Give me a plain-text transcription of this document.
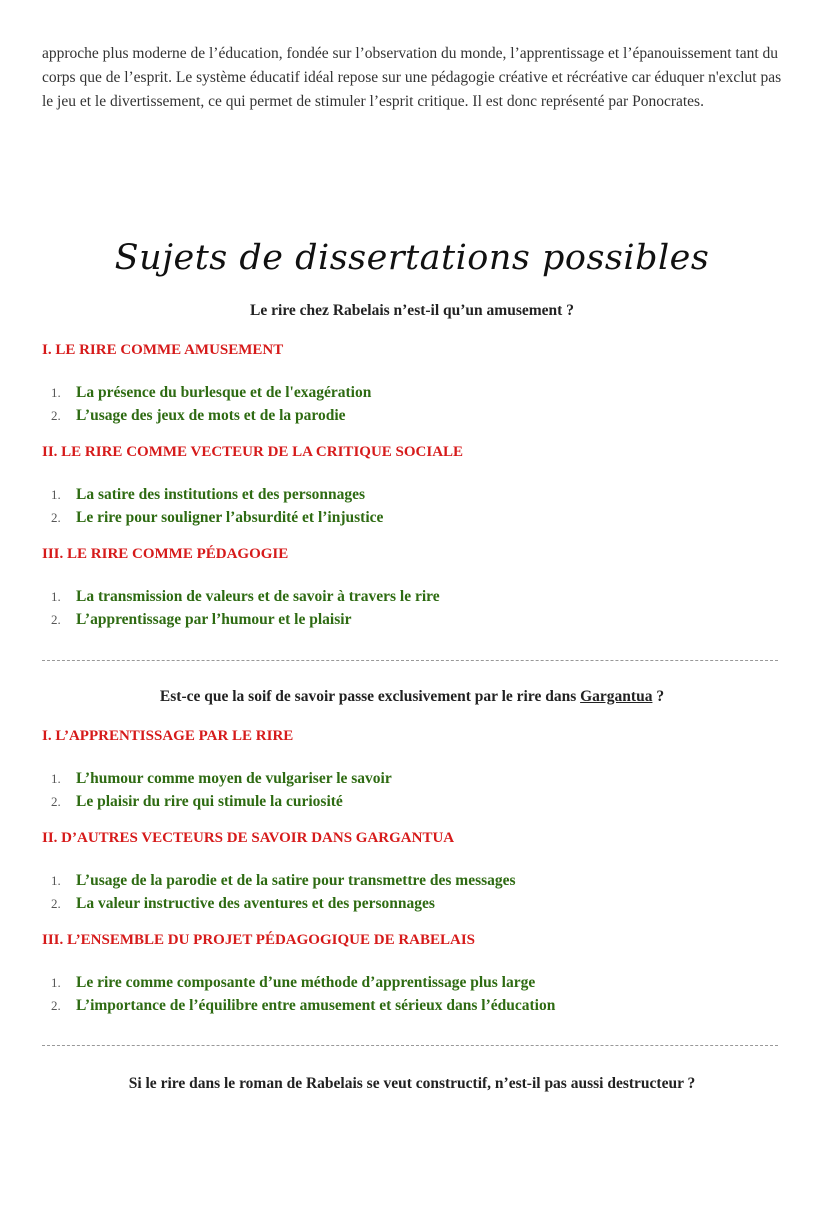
approche plus moderne de l’éducation, fondée sur l’observation du monde, l’apprentissage et l’épanouissement tant du corps que de l’esprit. Le système éducatif idéal repose sur une pédagogie créative et récréative car éduquer n'exclut pas le jeu et le divertissement, ce qui permet de stimuler l’esprit critique. Il est donc représenté par Ponocrates.

Sujets de dissertations possibles

Le rire chez Rabelais n’est-il qu’un amusement ?

I. LE RIRE COMME AMUSEMENT

1. La présence du burlesque et de l'exagération
2. L’usage des jeux de mots et de la parodie

II. LE RIRE COMME VECTEUR DE LA CRITIQUE SOCIALE

1. La satire des institutions et des personnages
2. Le rire pour souligner l’absurdité et l’injustice

III. LE RIRE COMME PÉDAGOGIE

1. La transmission de valeurs et de savoir à travers le rire
2. L’apprentissage par l’humour et le plaisir

Est-ce que la soif de savoir passe exclusivement par le rire dans Gargantua ?

I. L’APPRENTISSAGE PAR LE RIRE

1. L’humour comme moyen de vulgariser le savoir
2. Le plaisir du rire qui stimule la curiosité

II. D’AUTRES VECTEURS DE SAVOIR DANS GARGANTUA

1. L’usage de la parodie et de la satire pour transmettre des messages
2. La valeur instructive des aventures et des personnages

III. L’ENSEMBLE DU PROJET PÉDAGOGIQUE DE RABELAIS

1. Le rire comme composante d’une méthode d’apprentissage plus large
2. L’importance de l’équilibre entre amusement et sérieux dans l’éducation

Si le rire dans le roman de Rabelais se veut constructif, n’est-il pas aussi destructeur ?
